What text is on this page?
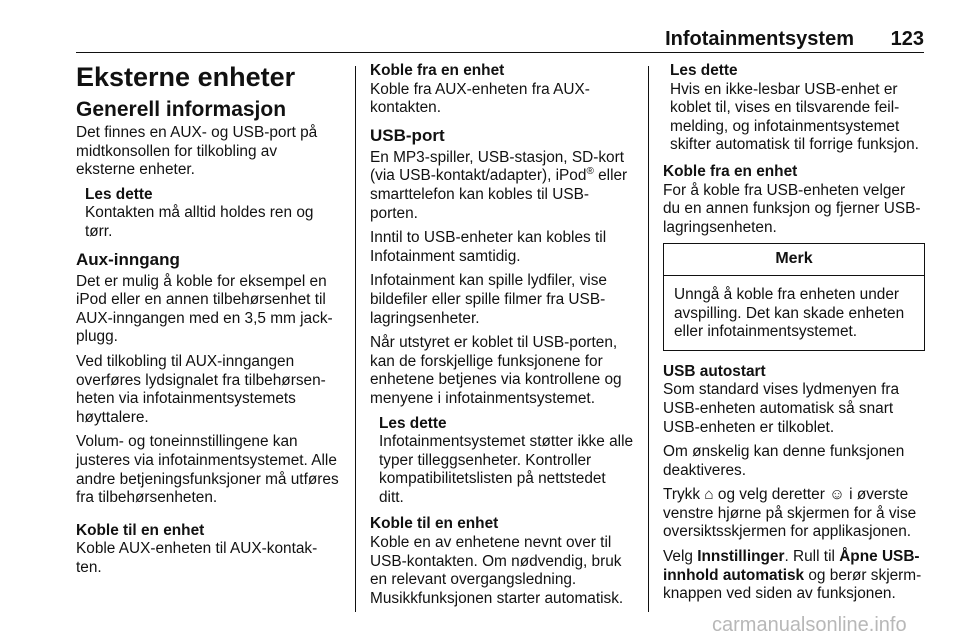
Infotainmentsystem 123
Eksterne enheter
Generell informasjon

Det finnes en AUX- og USB-port på midtkonsollen for tilkobling av eksterne enheter.

Les dette
Kontakten må alltid holdes ren og tørr.
Aux-inngang

Det er mulig å koble for eksempel en iPod eller en annen tilbehørsenhet til AUX-inngangen med en 3,5 mm jack-plugg.

Ved tilkobling til AUX-inngangen overføres lydsignalet fra tilbehørsen-heten via infotainmentsystemets høyttalere.

Volum- og toneinnstillingene kan justeres via infotainmentsystemet. Alle andre betjeningsfunksjoner må utføres fra tilbehørsenheten.

Koble til en enhet

Koble AUX-enheten til AUX-kontak-ten.

Koble fra en enhet

Koble fra AUX-enheten fra AUX-kontakten.

USB-port

En MP3-spiller, USB-stasjon, SD-kort (via USB-kontakt/adapter), iPod® eller smarttelefon kan kobles til USB-porten.

Inntil to USB-enheter kan kobles til Infotainment samtidig.

Infotainment kan spille lydfiler, vise bildefiler eller spille filmer fra USB-lagringsenheter.

Når utstyret er koblet til USB-porten, kan de forskjellige funksjonene for enhetene betjenes via kontrollene og menyene i infotainmentsystemet.

Les dette
Infotainmentsystemet støtter ikke alle typer tilleggsenheter. Kontroller kompatibilitetslisten på nettstedet ditt.
Koble til en enhet

Koble en av enhetene nevnt over til USB-kontakten. Om nødvendig, bruk en relevant overgangsledning. Musikkfunksjonen starter automatisk.

Les dette
Hvis en ikke-lesbar USB-enhet er koblet til, vises en tilsvarende feil-melding, og infotainmentsystemet skifter automatisk til forrige funksjon.
Koble fra en enhet

For å koble fra USB-enheten velger du en annen funksjon og fjerner USB-lagringsenheten.

Merk
Unngå å koble fra enheten under avspilling. Det kan skade enheten eller infotainmentsystemet.
USB autostart

Som standard vises lydmenyen fra USB-enheten automatisk så snart USB-enheten er tilkoblet.

Om ønskelig kan denne funksjonen deaktiveres.

Trykk ⌂ og velg deretter ☺ i øverste venstre hjørne på skjermen for å vise oversiktsskjermen for applikasjonen.

Velg Innstillinger. Rull til Åpne USB-innhold automatisk og berør skjerm-knappen ved siden av funksjonen.

carmanualsonline.info
